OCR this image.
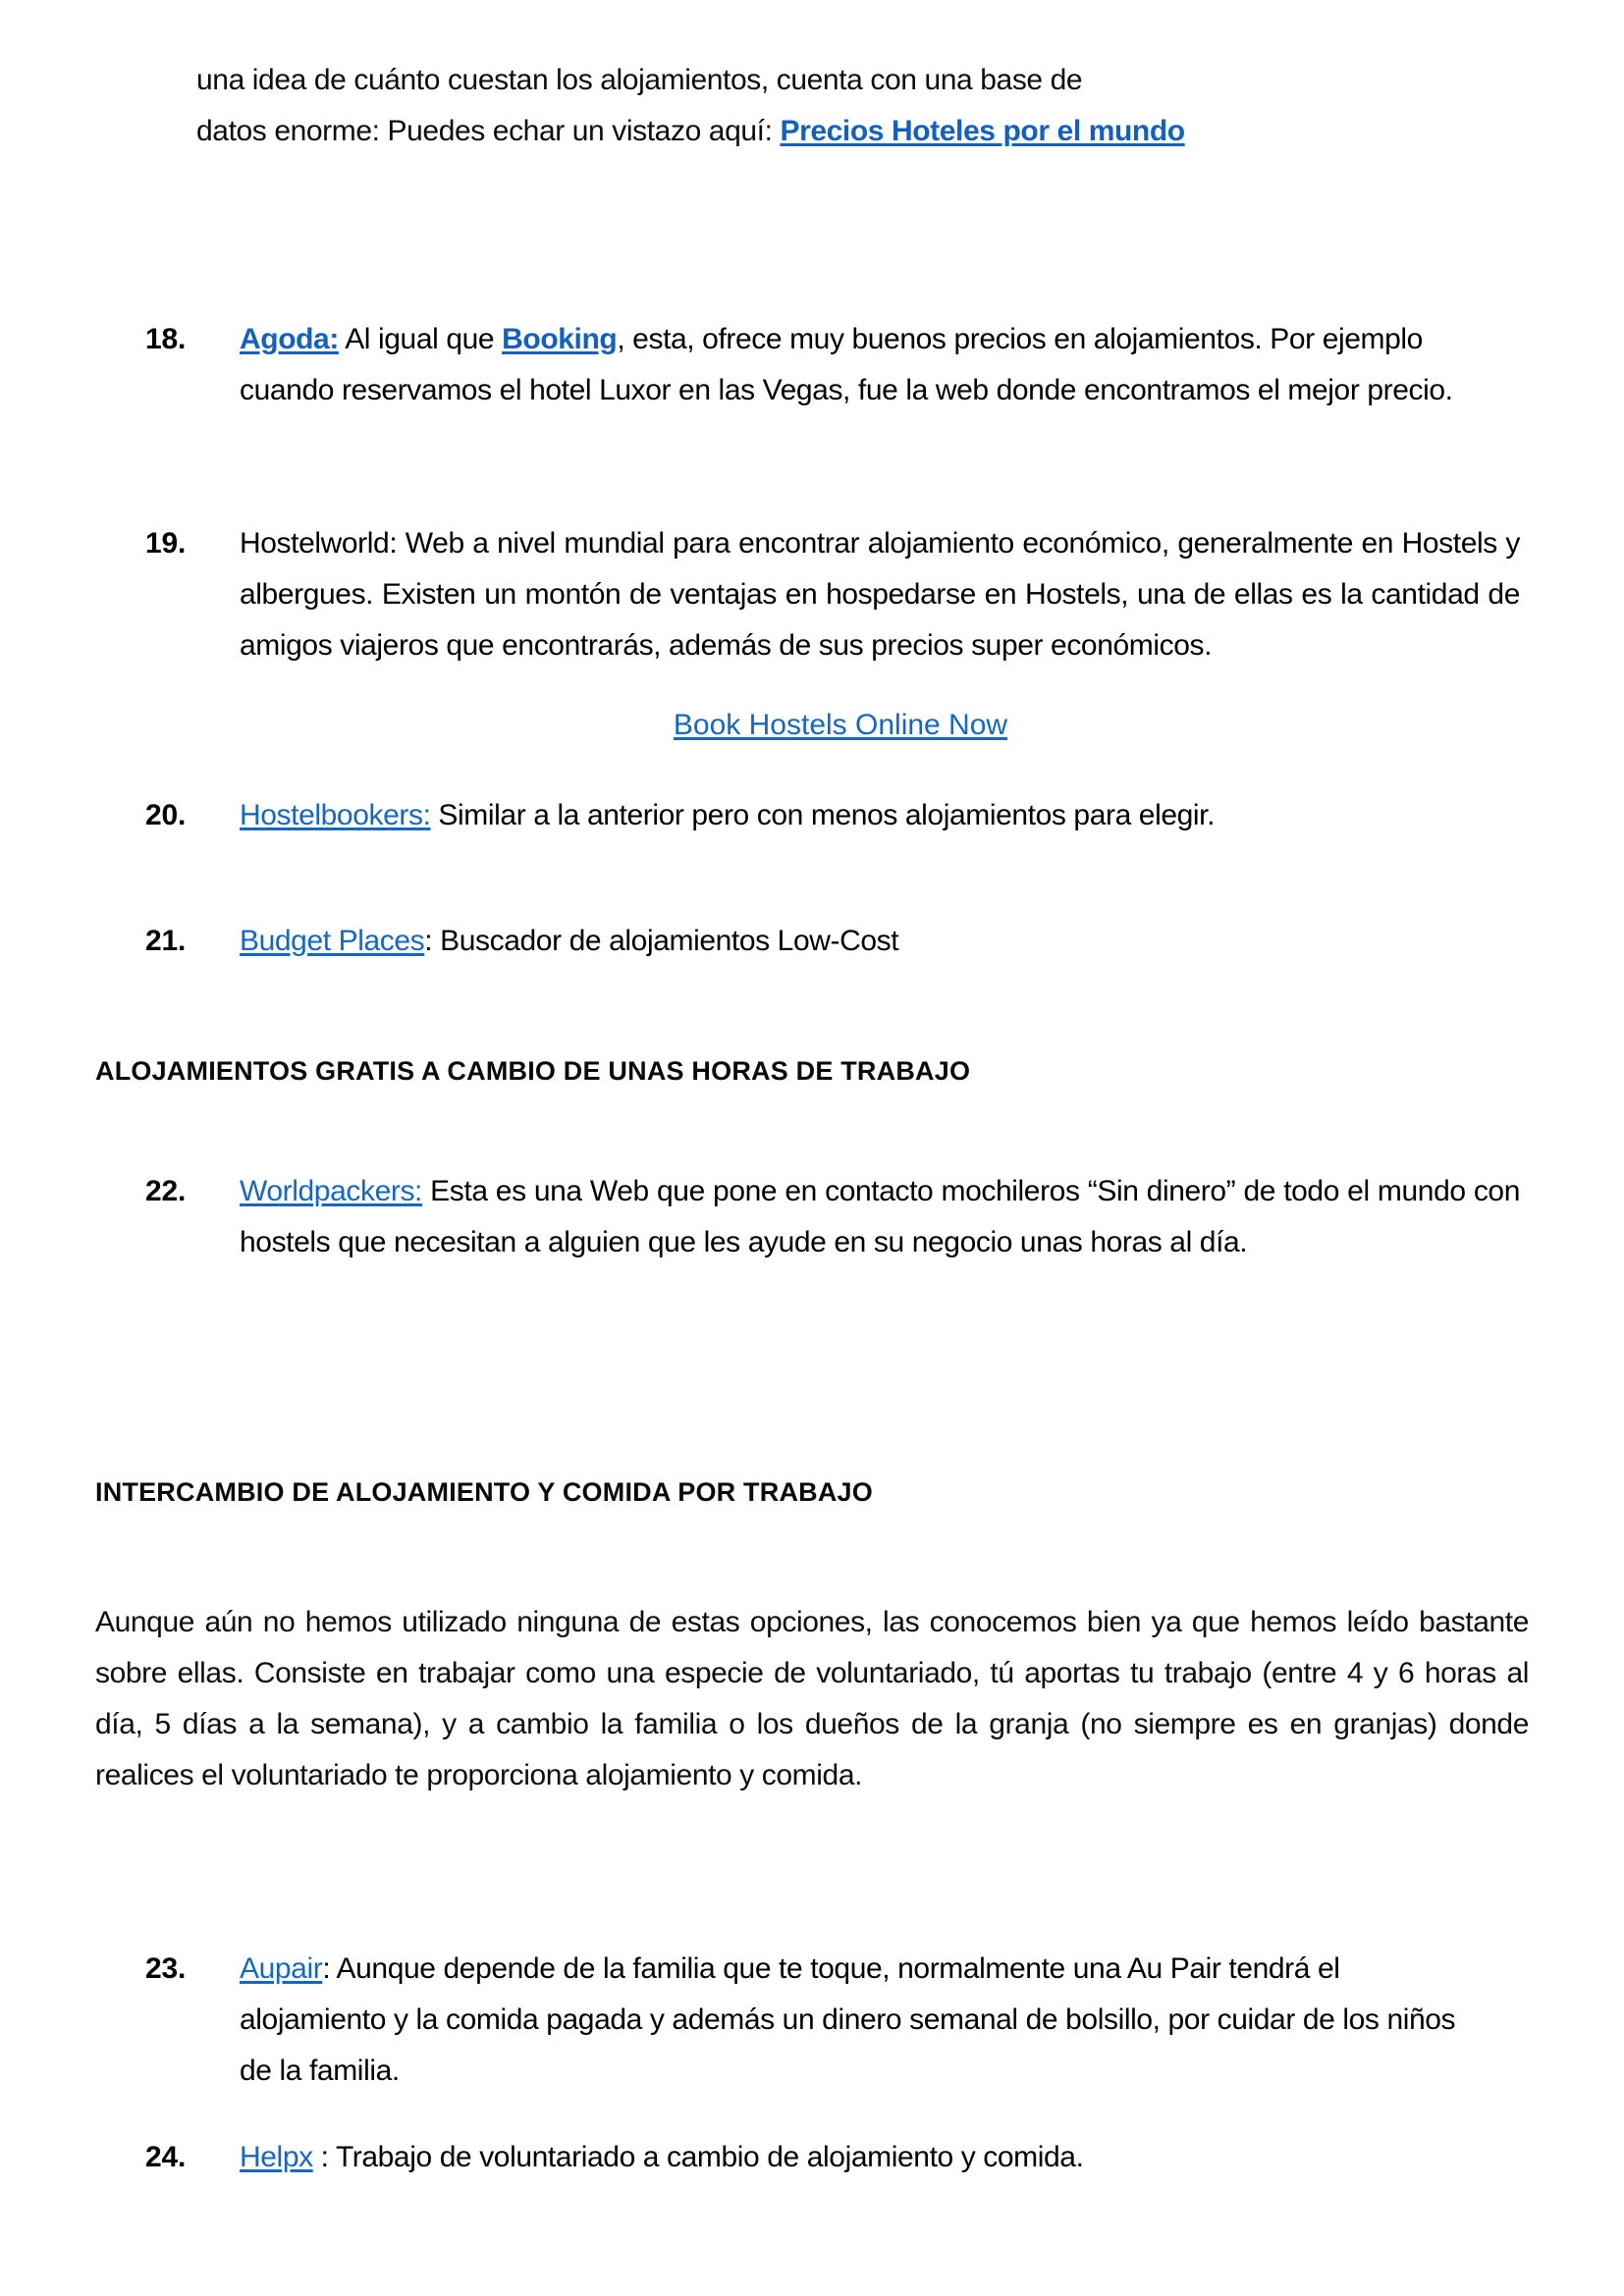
una idea de cuánto cuestan los alojamientos, cuenta con una base de
datos enorme: Puedes echar un vistazo aquí: Precios Hoteles por el mundo
18.	Agoda: Al igual que Booking, esta, ofrece muy buenos precios en alojamientos. Por ejemplo cuando reservamos el hotel Luxor en las Vegas, fue la web donde encontramos el mejor precio.
19.	Hostelworld: Web a nivel mundial para encontrar alojamiento económico, generalmente en Hostels y albergues. Existen un montón de ventajas en hospedarse en Hostels, una de ellas es la cantidad de amigos viajeros que encontrarás, además de sus precios super económicos.
Book Hostels Online Now
20.	Hostelbookers: Similar a la anterior pero con menos alojamientos para elegir.
21.	Budget Places: Buscador de alojamientos Low-Cost
ALOJAMIENTOS GRATIS A CAMBIO DE UNAS HORAS DE TRABAJO
22.	Worldpackers: Esta es una Web que pone en contacto mochileros “Sin dinero” de todo el mundo con hostels que necesitan a alguien que les ayude en su negocio unas horas al día.
INTERCAMBIO DE ALOJAMIENTO Y COMIDA POR TRABAJO
Aunque aún no hemos utilizado ninguna de estas opciones, las conocemos bien ya que hemos leído bastante sobre ellas. Consiste en trabajar como una especie de voluntariado, tú aportas tu trabajo (entre 4 y 6 horas al día, 5 días a la semana), y a cambio la familia o los dueños de la granja (no siempre es en granjas) donde realices el voluntariado te proporciona alojamiento y comida.
23.	Aupair: Aunque depende de la familia que te toque, normalmente una Au Pair tendrá el alojamiento y la comida pagada y además un dinero semanal de bolsillo, por cuidar de los niños de la familia.
24.	Helpx : Trabajo de voluntariado a cambio de alojamiento y comida.
